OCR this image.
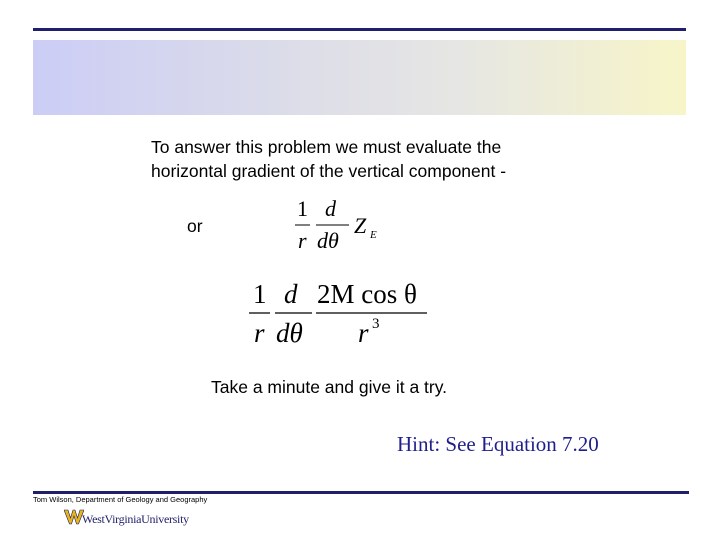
To answer this problem we must evaluate the
horizontal gradient of the vertical component -
or
1
r
d
dθ
Z E
1
r
d
dθ
2M cos θ
r 3
Take a minute and give it a try.
Hint: See Equation 7.20
Tom Wilson, Department of Geology and Geography
WestVirginiaUniversity
